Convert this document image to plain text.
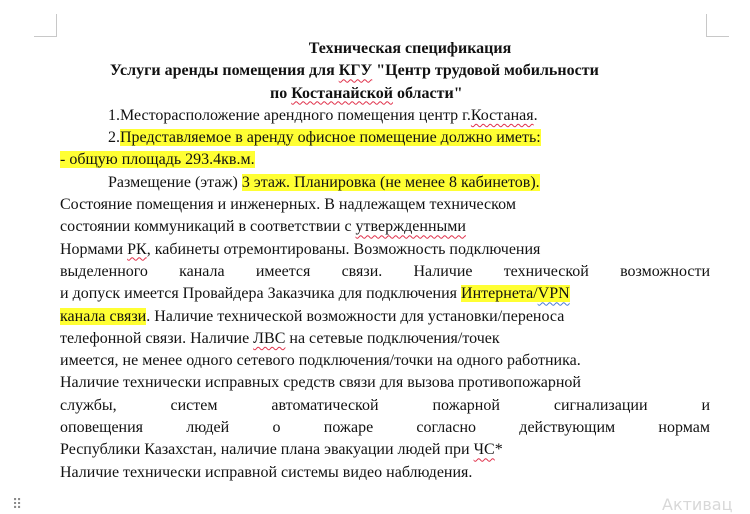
Техническая спецификация
Услуги аренды помещения для КГУ "Центр трудовой мобильности
по Костанайской области"
1.Месторасположение арендного помещения центр г.Костаная.
2.Представляемое в аренду офисное помещение должно иметь:
- общую площадь 293.4кв.м.
Размещение (этаж) 3 этаж. Планировка (не менее 8 кабинетов).
Состояние помещения и инженерных. В надлежащем техническом
состоянии коммуникаций в соответствии с утвержденными
Нормами РК, кабинеты отремонтированы. Возможность подключения
выделенного канала имеется связи. Наличие технической возможности
и допуск имеется Провайдера Заказчика для подключения Интернета/VPN
канала связи. Наличие технической возможности для установки/переноса
телефонной связи. Наличие ЛВС на сетевые подключения/точек
имеется, не менее одного сетевого подключения/точки на одного работника.
Наличие технически исправных средств связи для вызова противопожарной
службы, систем автоматической пожарной сигнализации и
оповещения людей о пожаре согласно действующим нормам
Республики Казахстан, наличие плана эвакуации людей при ЧС*
Наличие технически исправной системы видео наблюдения.
⠿	Активац
